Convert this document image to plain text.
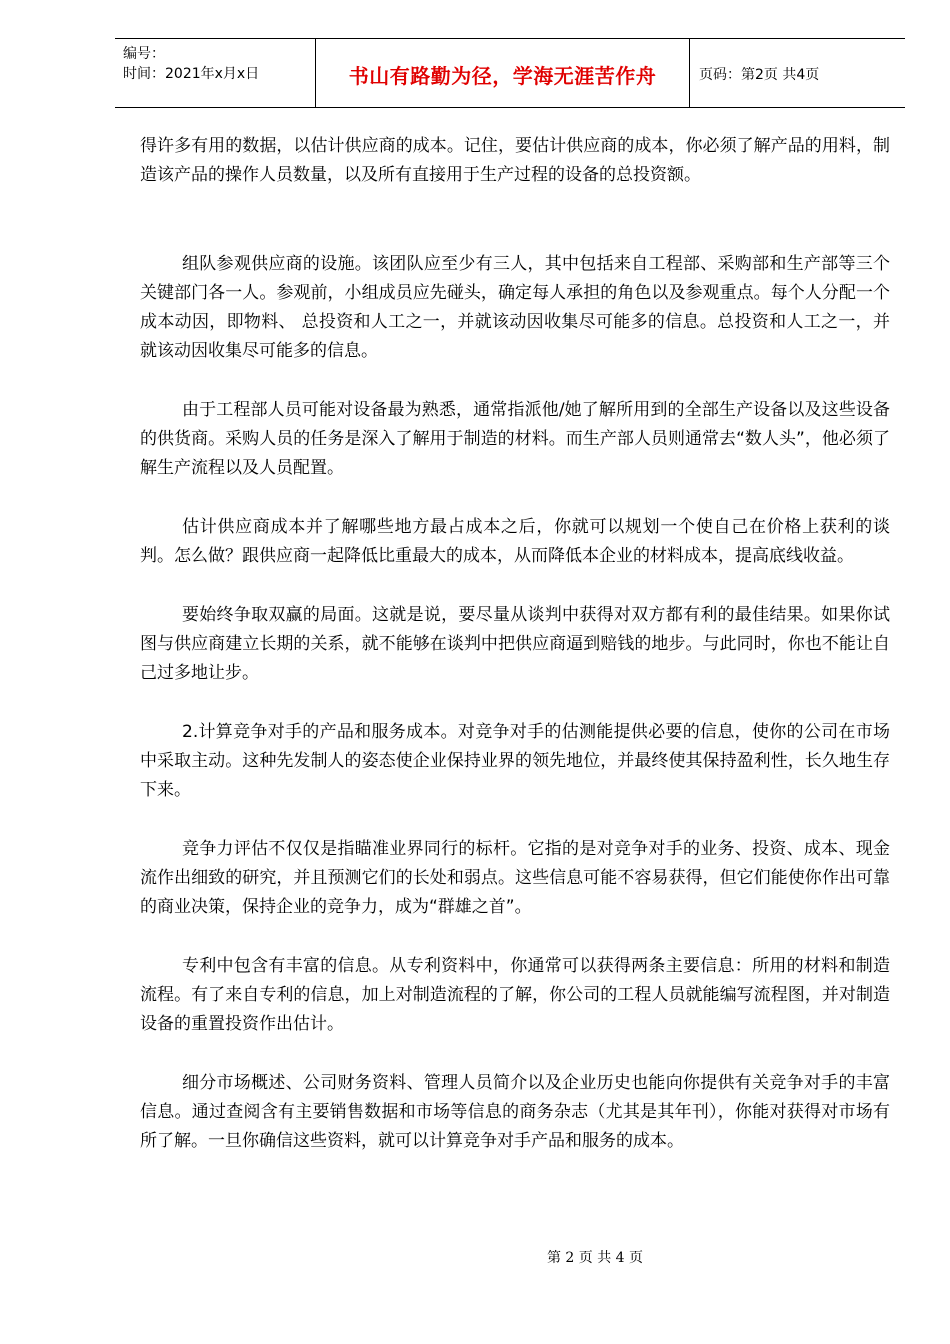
编号：
时间：2021年x月x日	书山有路勤为径，学海无涯苦作舟	页码：第2页 共4页

得许多有用的数据，以估计供应商的成本。记住，要估计供应商的成本，你必须了解产品的用料，制造该产品的操作人员数量，以及所有直接用于生产过程的设备的总投资额。

组队参观供应商的设施。该团队应至少有三人，其中包括来自工程部、采购部和生产部等三个关键部门各一人。参观前，小组成员应先碰头，确定每人承担的角色以及参观重点。每个人分配一个成本动因，即物料、 总投资和人工之一，并就该动因收集尽可能多的信息。总投资和人工之一，并就该动因收集尽可能多的信息。

由于工程部人员可能对设备最为熟悉，通常指派他/她了解所用到的全部生产设备以及这些设备的供货商。采购人员的任务是深入了解用于制造的材料。而生产部人员则通常去“数人头”，他必须了解生产流程以及人员配置。

估计供应商成本并了解哪些地方最占成本之后，你就可以规划一个使自己在价格上获利的谈判。怎么做？跟供应商一起降低比重最大的成本，从而降低本企业的材料成本，提高底线收益。

要始终争取双赢的局面。这就是说，要尽量从谈判中获得对双方都有利的最佳结果。如果你试图与供应商建立长期的关系，就不能够在谈判中把供应商逼到赔钱的地步。与此同时，你也不能让自己过多地让步。

2.计算竞争对手的产品和服务成本。对竞争对手的估测能提供必要的信息，使你的公司在市场中采取主动。这种先发制人的姿态使企业保持业界的领先地位，并最终使其保持盈利性，长久地生存下来。

竞争力评估不仅仅是指瞄准业界同行的标杆。它指的是对竞争对手的业务、投资、成本、现金流作出细致的研究，并且预测它们的长处和弱点。这些信息可能不容易获得，但它们能使你作出可靠的商业决策，保持企业的竞争力，成为“群雄之首”。

专利中包含有丰富的信息。从专利资料中，你通常可以获得两条主要信息：所用的材料和制造流程。有了来自专利的信息，加上对制造流程的了解，你公司的工程人员就能编写流程图，并对制造设备的重置投资作出估计。

细分市场概述、公司财务资料、管理人员简介以及企业历史也能向你提供有关竞争对手的丰富信息。通过查阅含有主要销售数据和市场等信息的商务杂志（尤其是其年刊），你能对获得对市场有所了解。一旦你确信这些资料，就可以计算竞争对手产品和服务的成本。

第 2 页 共 4 页
